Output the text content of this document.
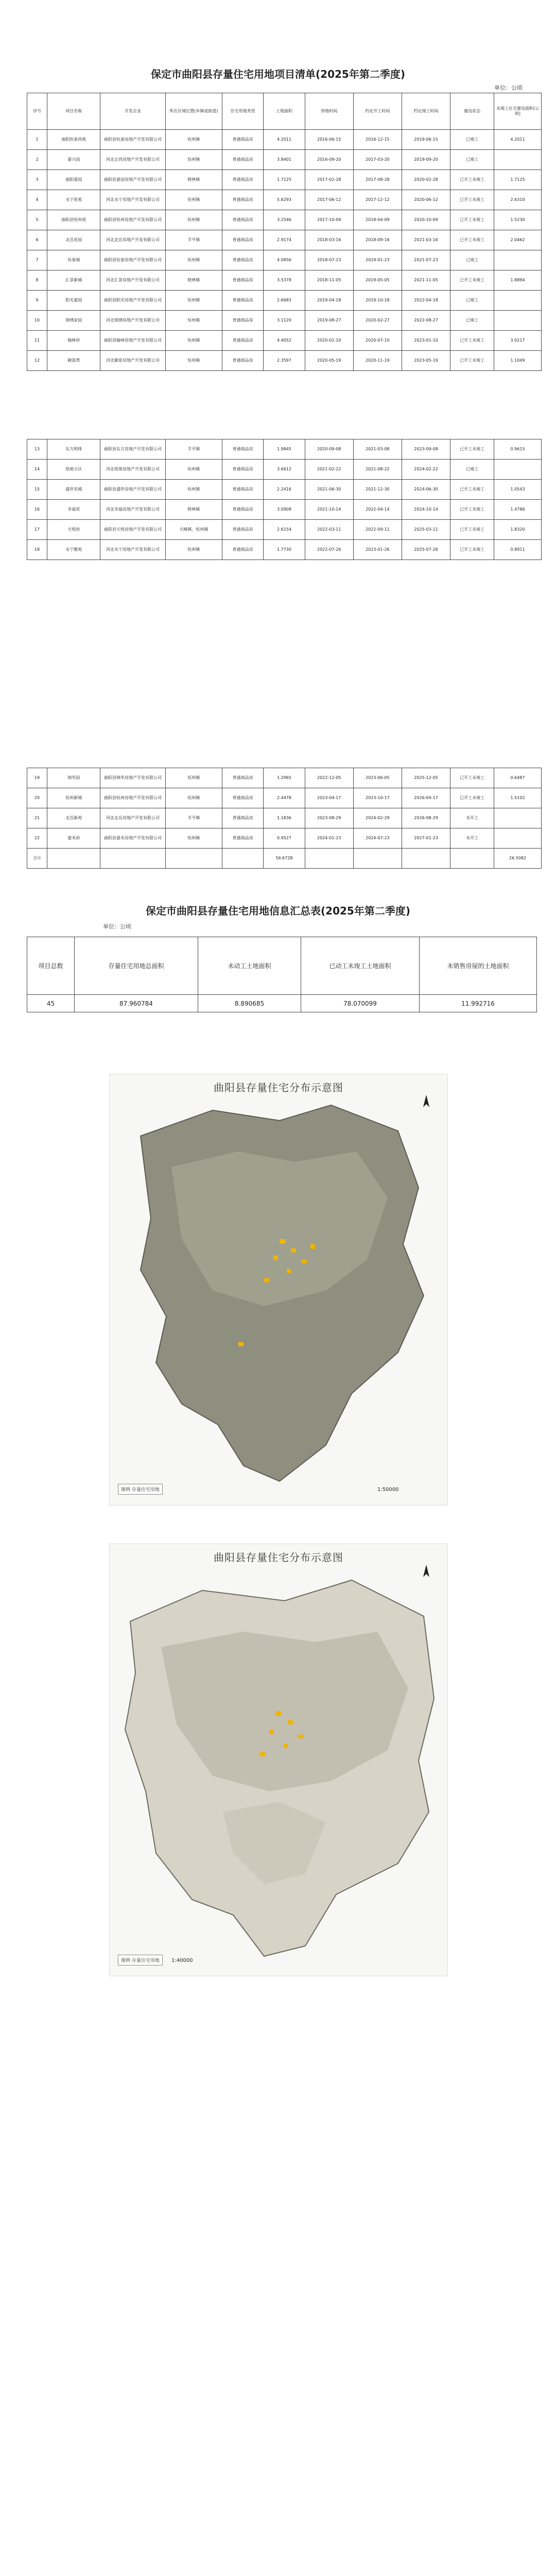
保定市曲阳县存量住宅用地项目清单(2025年第二季度)
单位：公顷
序号	项目名称	开发企业	所在区域位置(乡镇或街道)	住宅用地类型	土地面积	供地时间	约定开工时间	约定竣工时间	建设状态	未竣工住宅建设面积(公顷)
1	曲阳恒泰尚苑	曲阳县恒泰房地产开发有限公司	恒州镇	普通商品房	4.2011	2016-06-15	2016-12-15	2019-06-15	已竣工	4.2011
2	嘉兴园	河北正尚房地产开发有限公司	恒州镇	普通商品房	3.8401	2016-09-20	2017-03-20	2019-09-20	已竣工	
3	曲阳嘉园	曲阳县嘉园房地产开发有限公司	晓林镇	普通商品房	1.7125	2017-02-28	2017-08-28	2020-02-28	已开工未竣工	1.7125
4	永宁花苑	河北永宁房地产开发有限公司	恒州镇	普通商品房	5.6293	2017-06-12	2017-12-12	2020-06-12	已开工未竣工	2.6310
5	曲阳县恒州苑	曲阳县恒州房地产开发有限公司	恒州镇	普通商品房	3.2546	2017-10-09	2018-04-09	2020-10-09	已开工未竣工	1.5230
6	北岳花园	河北北岳房地产开发有限公司	羊平镇	普通商品房	2.9174	2018-03-16	2018-09-16	2021-03-16	已开工未竣工	2.0462
7	恒泰城	曲阳县恒泰房地产开发有限公司	恒州镇	普通商品房	4.0856	2018-07-23	2019-01-23	2021-07-23	已竣工	
8	汇景新城	河北汇景房地产开发有限公司	晓林镇	普通商品房	3.5378	2018-11-05	2019-05-05	2021-11-05	已开工未竣工	1.8894
9	阳光嘉园	曲阳县阳光房地产开发有限公司	恒州镇	普通商品房	2.6683	2019-04-18	2019-10-18	2022-04-18	已竣工	
10	锦绣家园	河北锦绣房地产开发有限公司	恒州镇	普通商品房	3.1120	2019-08-27	2020-02-27	2022-08-27	已竣工	
11	翰林府	曲阳县翰林房地产开发有限公司	恒州镇	普通商品房	4.4052	2020-01-10	2020-07-10	2023-01-10	已开工未竣工	3.0217
12	御景湾	河北御景房地产开发有限公司	恒州镇	普通商品房	2.3597	2020-05-19	2020-11-19	2023-05-19	已开工未竣工	1.1049
13	东方明珠	曲阳县东方房地产开发有限公司	羊平镇	普通商品房	1.9845	2020-09-08	2021-03-08	2023-09-08	已开工未竣工	0.9615
14	铭苑小区	河北铭苑房地产开发有限公司	恒州镇	普通商品房	3.6612	2021-02-22	2021-08-22	2024-02-22	已竣工	
15	盛世名城	曲阳县盛世房地产开发有限公司	恒州镇	普通商品房	2.2416	2021-06-30	2021-12-30	2024-06-30	已开工未竣工	1.0543
16	幸福里	河北幸福房地产开发有限公司	晓林镇	普通商品房	3.0908	2021-10-14	2022-04-14	2024-10-14	已开工未竣工	1.4786
17	天悦府	曲阳县天悦房地产开发有限公司	天峰镇、恒州镇	普通商品房	2.6154	2022-03-11	2022-09-11	2025-03-11	已开工未竣工	1.8320
18	永宁雅苑	河北永宁房地产开发有限公司	恒州镇	普通商品房	1.7730	2022-07-26	2023-01-26	2025-07-26	已开工未竣工	0.8911
19	锦华园	曲阳县锦华房地产开发有限公司	恒州镇	普通商品房	1.2965	2022-12-05	2023-06-05	2025-12-05	已开工未竣工	0.6487
20	恒州新城	曲阳县恒州房地产开发有限公司	恒州镇	普通商品房	2.4478	2023-04-17	2023-10-17	2026-04-17	已开工未竣工	1.5102
21	北岳新苑	河北北岳房地产开发有限公司	羊平镇	普通商品房	1.1836	2023-08-29	2024-02-29	2026-08-29	未开工	
22	嘉禾府	曲阳县嘉禾房地产开发有限公司	恒州镇	普通商品房	0.9527	2024-01-23	2024-07-23	2027-01-23	未开工	
合计					56.6728					26.5082
保定市曲阳县存量住宅用地信息汇总表(2025年第二季度)
单位：公顷
项目总数	存量住宅用地总面积	未动工土地面积	已动工未竣工土地面积	未销售房屋的土地面积
45	87.960784	8.890685	78.070099	11.992716
曲阳县存量住宅分布示意图
图例 存量住宅用地	1:50000
曲阳县存量住宅分布示意图
图例 存量住宅用地	1:40000
